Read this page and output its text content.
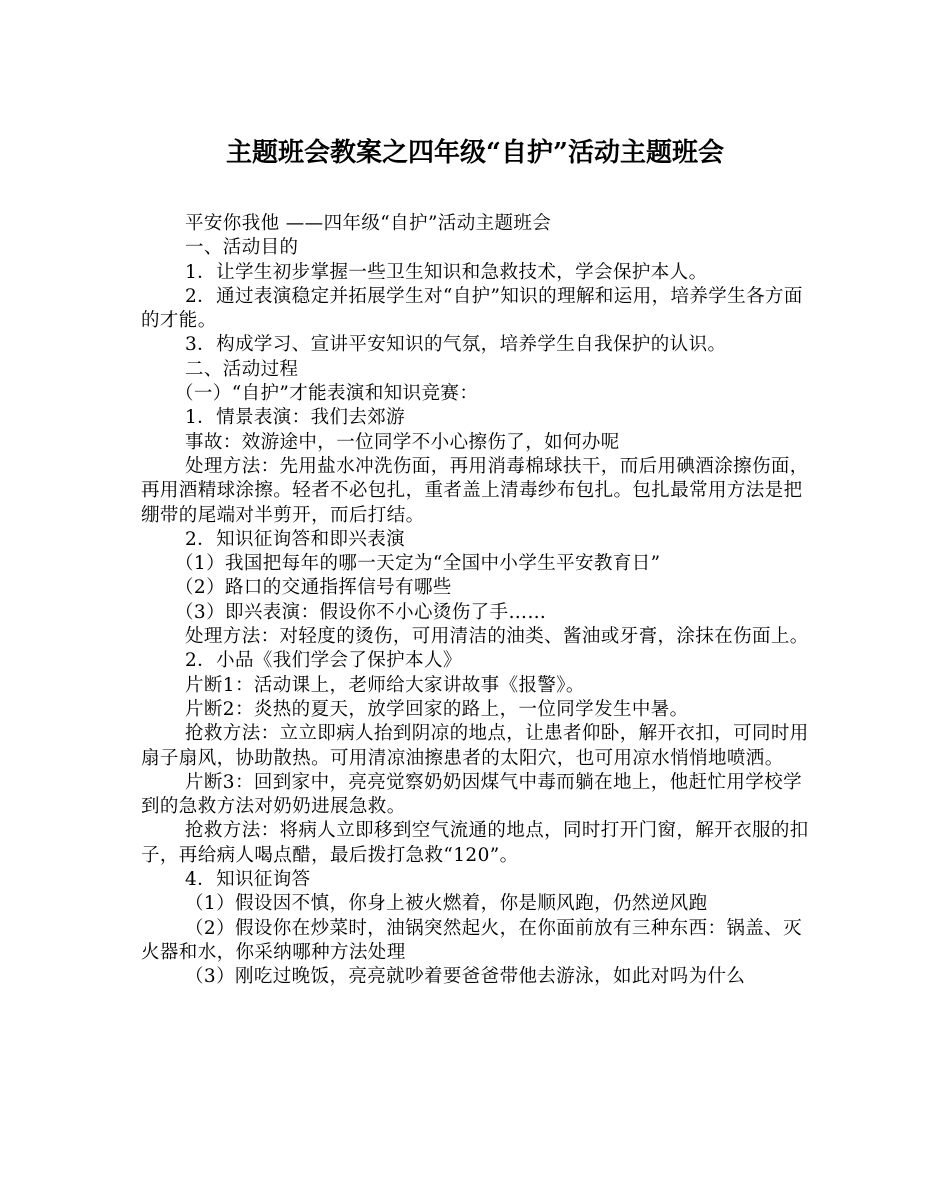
主题班会教案之四年级“自护”活动主题班会

平安你我他 ——四年级“自护”活动主题班会

一、活动目的

1．让学生初步掌握一些卫生知识和急救技术，学会保护本人。

2．通过表演稳定并拓展学生对“自护”知识的理解和运用，培养学生各方面的才能。

3．构成学习、宣讲平安知识的气氛，培养学生自我保护的认识。

二、活动过程

（一）“自护”才能表演和知识竞赛：

1．情景表演：我们去郊游

事故：效游途中，一位同学不小心擦伤了，如何办呢

处理方法：先用盐水冲洗伤面，再用消毒棉球扶干，而后用碘酒涂擦伤面，再用酒精球涂擦。轻者不必包扎，重者盖上清毒纱布包扎。包扎最常用方法是把绷带的尾端对半剪开，而后打结。

2．知识征询答和即兴表演

（1）我国把每年的哪一天定为“全国中小学生平安教育日”

（2）路口的交通指挥信号有哪些

（3）即兴表演：假设你不小心烫伤了手……

处理方法：对轻度的烫伤，可用清洁的油类、酱油或牙膏，涂抹在伤面上。

2．小品《我们学会了保护本人》

片断1：活动课上，老师给大家讲故事《报警》。

片断2：炎热的夏天，放学回家的路上，一位同学发生中暑。

抢救方法：立立即病人抬到阴凉的地点，让患者仰卧，解开衣扣，可同时用扇子扇风，协助散热。可用清凉油擦患者的太阳穴，也可用凉水悄悄地喷洒。

片断3：回到家中，亮亮觉察奶奶因煤气中毒而躺在地上，他赶忙用学校学到的急救方法对奶奶进展急救。

抢救方法：将病人立即移到空气流通的地点，同时打开门窗，解开衣服的扣子，再给病人喝点醋，最后拨打急救“120”。

4．知识征询答

（1）假设因不慎，你身上被火燃着，你是顺风跑，仍然逆风跑

（2）假设你在炒菜时，油锅突然起火，在你面前放有三种东西：锅盖、灭火器和水，你采纳哪种方法处理

（3）刚吃过晚饭，亮亮就吵着要爸爸带他去游泳，如此对吗为什么
